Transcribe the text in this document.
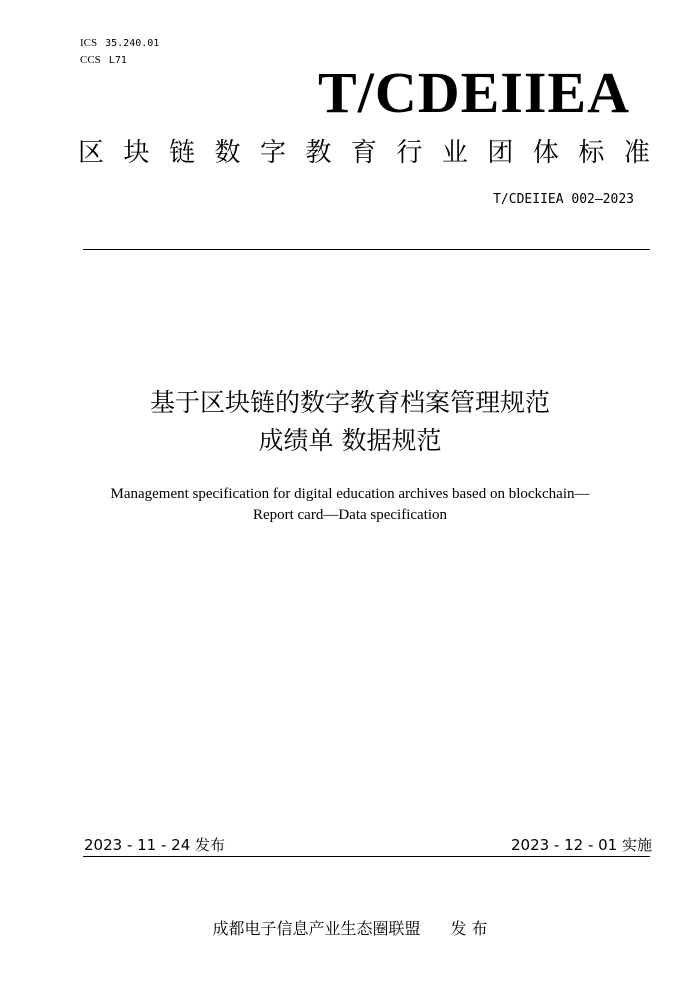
ICS 35.240.01
CCS L71	T/CDEIIEA
区 块 链 数 字 教 育 行 业 团 体 标 准
T/CDEIIEA 002—2023
基于区块链的数字教育档案管理规范
成绩单 数据规范
Management specification for digital education archives based on blockchain—
Report card—Data specification
2023 - 11 - 24 发布	2023 - 12 - 01 实施
成都电子信息产业生态圈联盟 发 布
